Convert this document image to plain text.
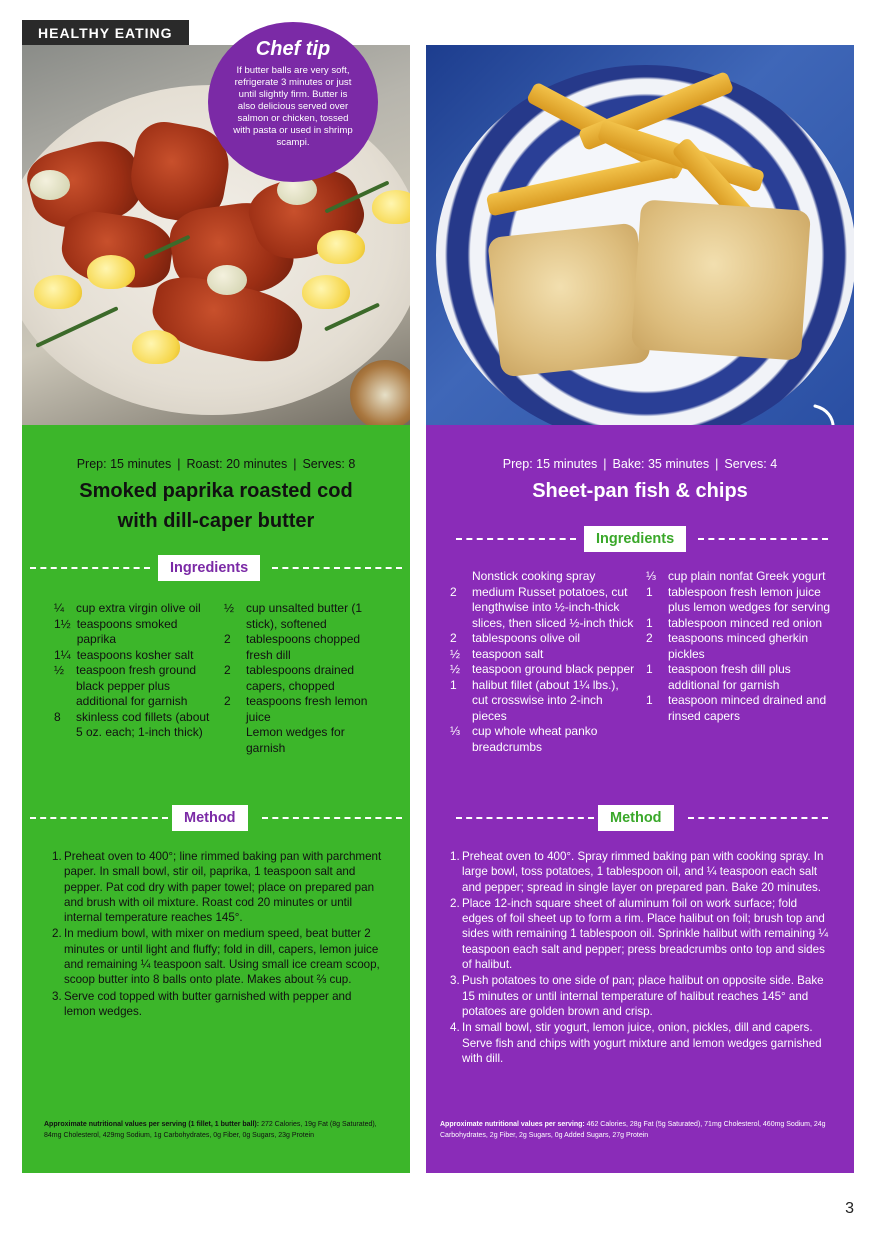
HEALTHY EATING
Chef tip
If butter balls are very soft, refrigerate 3 minutes or just until slightly firm. Butter is also delicious served over salmon or chicken, tossed with pasta or used in shrimp scampi.
Prep: 15 minutes | Roast: 20 minutes | Serves: 8
Smoked paprika roasted cod
with dill-caper butter
Ingredients
¼ cup extra virgin olive oil
1½ teaspoons smoked paprika
1¼ teaspoons kosher salt
½ teaspoon fresh ground black pepper plus additional for garnish
8	skinless cod fillets (about 5 oz. each; 1-inch thick)
½ cup unsalted butter (1 stick), softened
2	tablespoons chopped fresh dill
2	tablespoons drained capers, chopped
2	teaspoons fresh lemon juice
Lemon wedges for garnish
Method
1. Preheat oven to 400°; line rimmed baking pan with parchment paper. In small bowl, stir oil, paprika, 1 teaspoon salt and pepper. Pat cod dry with paper towel; place on prepared pan and brush with oil mixture. Roast cod 20 minutes or until internal temperature reaches 145°.
2. In medium bowl, with mixer on medium speed, beat butter 2 minutes or until light and fluffy; fold in dill, capers, lemon juice and remaining ¼ teaspoon salt. Using small ice cream scoop, scoop butter into 8 balls onto plate. Makes about ⅔ cup.
3. Serve cod topped with butter garnished with pepper and lemon wedges.
Approximate nutritional values per serving (1 fillet, 1 butter ball): 272 Calories, 19g Fat (8g Saturated), 84mg Cholesterol, 429mg Sodium, 1g Carbohydrates, 0g Fiber, 0g Sugars, 23g Protein
Prep: 15 minutes | Bake: 35 minutes | Serves: 4
Sheet-pan fish & chips
Ingredients
Nonstick cooking spray
2	medium Russet potatoes, cut lengthwise into ½-inch-thick slices, then sliced ½-inch thick
2	tablespoons olive oil
½ teaspoon salt
½ teaspoon ground black pepper
1	halibut fillet (about 1¼ lbs.), cut crosswise into 2-inch pieces
⅓ cup whole wheat panko breadcrumbs
⅓ cup plain nonfat Greek yogurt
1	tablespoon fresh lemon juice plus lemon wedges for serving
1	tablespoon minced red onion
2	teaspoons minced gherkin pickles
1	teaspoon fresh dill plus additional for garnish
1	teaspoon minced drained and rinsed capers
Method
1. Preheat oven to 400°. Spray rimmed baking pan with cooking spray. In large bowl, toss potatoes, 1 tablespoon oil, and ¼ teaspoon each salt and pepper; spread in single layer on prepared pan. Bake 20 minutes.
2. Place 12-inch square sheet of aluminum foil on work surface; fold edges of foil sheet up to form a rim. Place halibut on foil; brush top and sides with remaining 1 tablespoon oil. Sprinkle halibut with remaining ¼ teaspoon each salt and pepper; press breadcrumbs onto top and sides of halibut.
3. Push potatoes to one side of pan; place halibut on opposite side. Bake 15 minutes or until internal temperature of halibut reaches 145° and potatoes are golden brown and crisp.
4. In small bowl, stir yogurt, lemon juice, onion, pickles, dill and capers. Serve fish and chips with yogurt mixture and lemon wedges garnished with dill.
Approximate nutritional values per serving: 462 Calories, 28g Fat (5g Saturated), 71mg Cholesterol, 460mg Sodium, 24g Carbohydrates, 2g Fiber, 2g Sugars, 0g Added Sugars, 27g Protein
3
